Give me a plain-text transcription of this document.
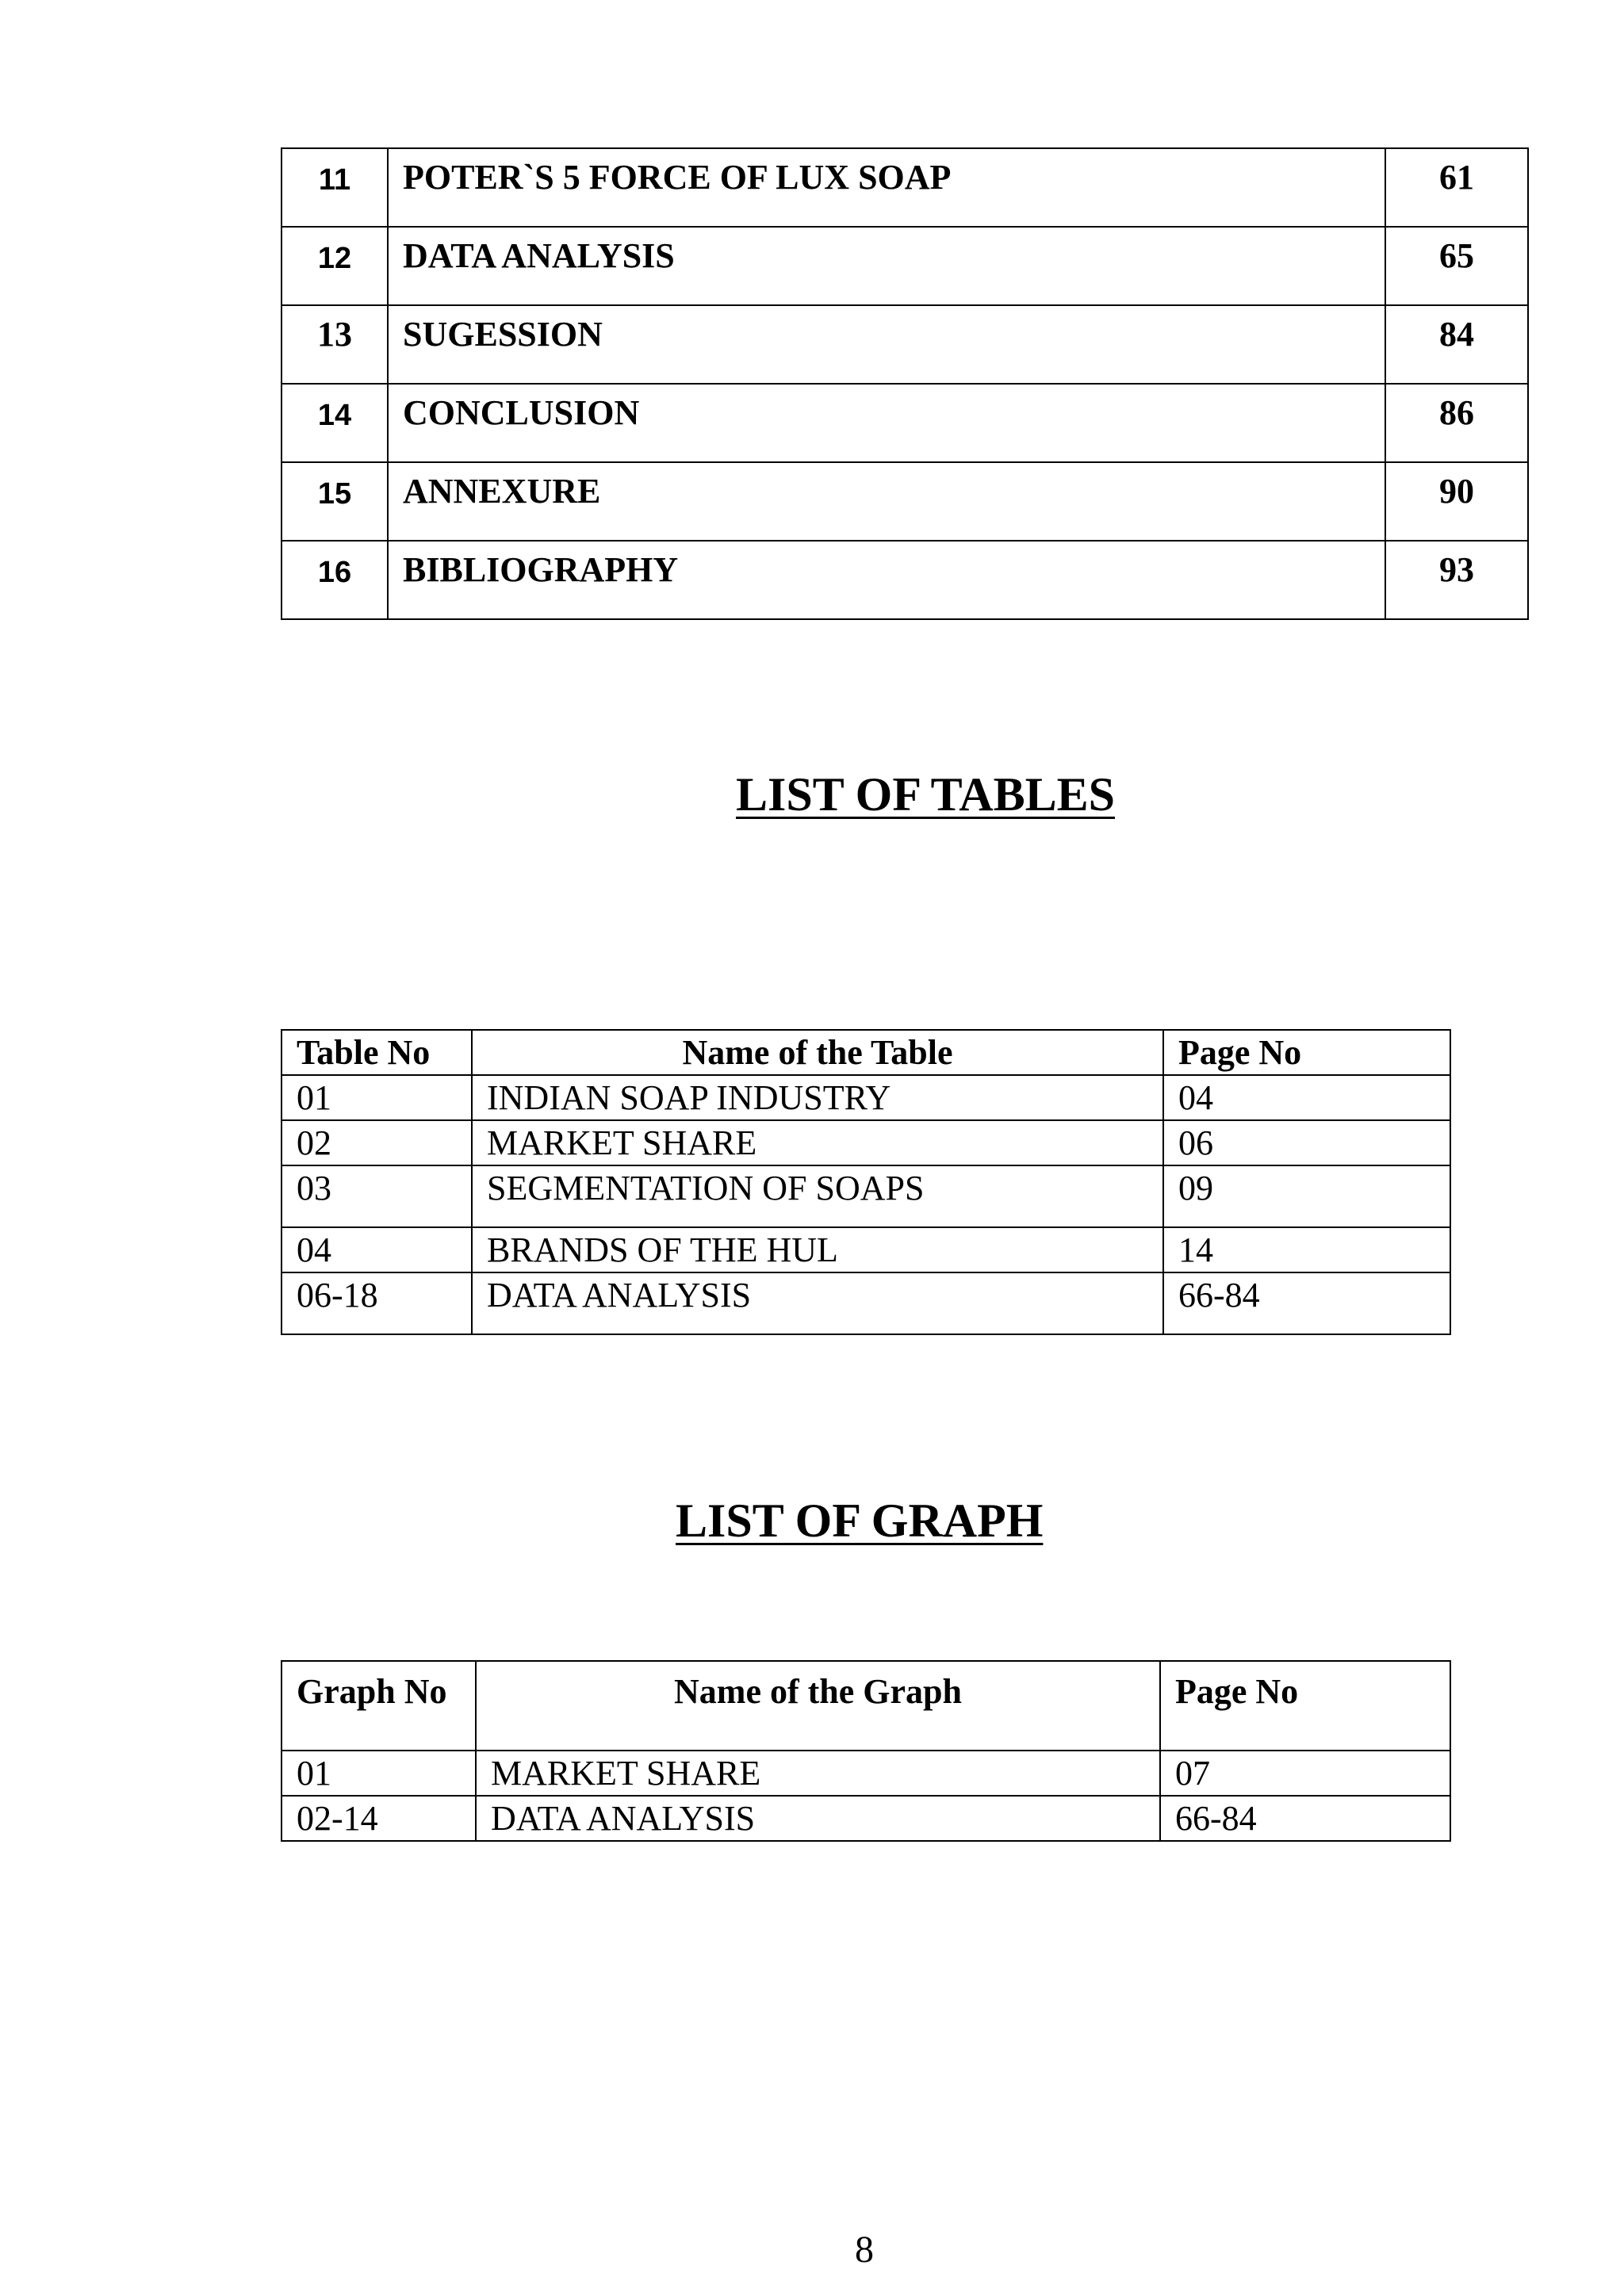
11	POTER`S 5 FORCE OF LUX SOAP	61
12	DATA ANALYSIS	65
13	SUGESSION	84
14	CONCLUSION	86
15	ANNEXURE	90
16	BIBLIOGRAPHY	93
LIST OF TABLES
Table No	Name of the Table	Page No
01	INDIAN SOAP INDUSTRY	04
02	MARKET SHARE	06
03	SEGMENTATION OF SOAPS	09
04	BRANDS OF THE HUL	14
06-18	DATA ANALYSIS	66-84
LIST OF GRAPH
Graph No	Name of the Graph	Page No
01	MARKET SHARE	07
02-14	DATA ANALYSIS	66-84

8
